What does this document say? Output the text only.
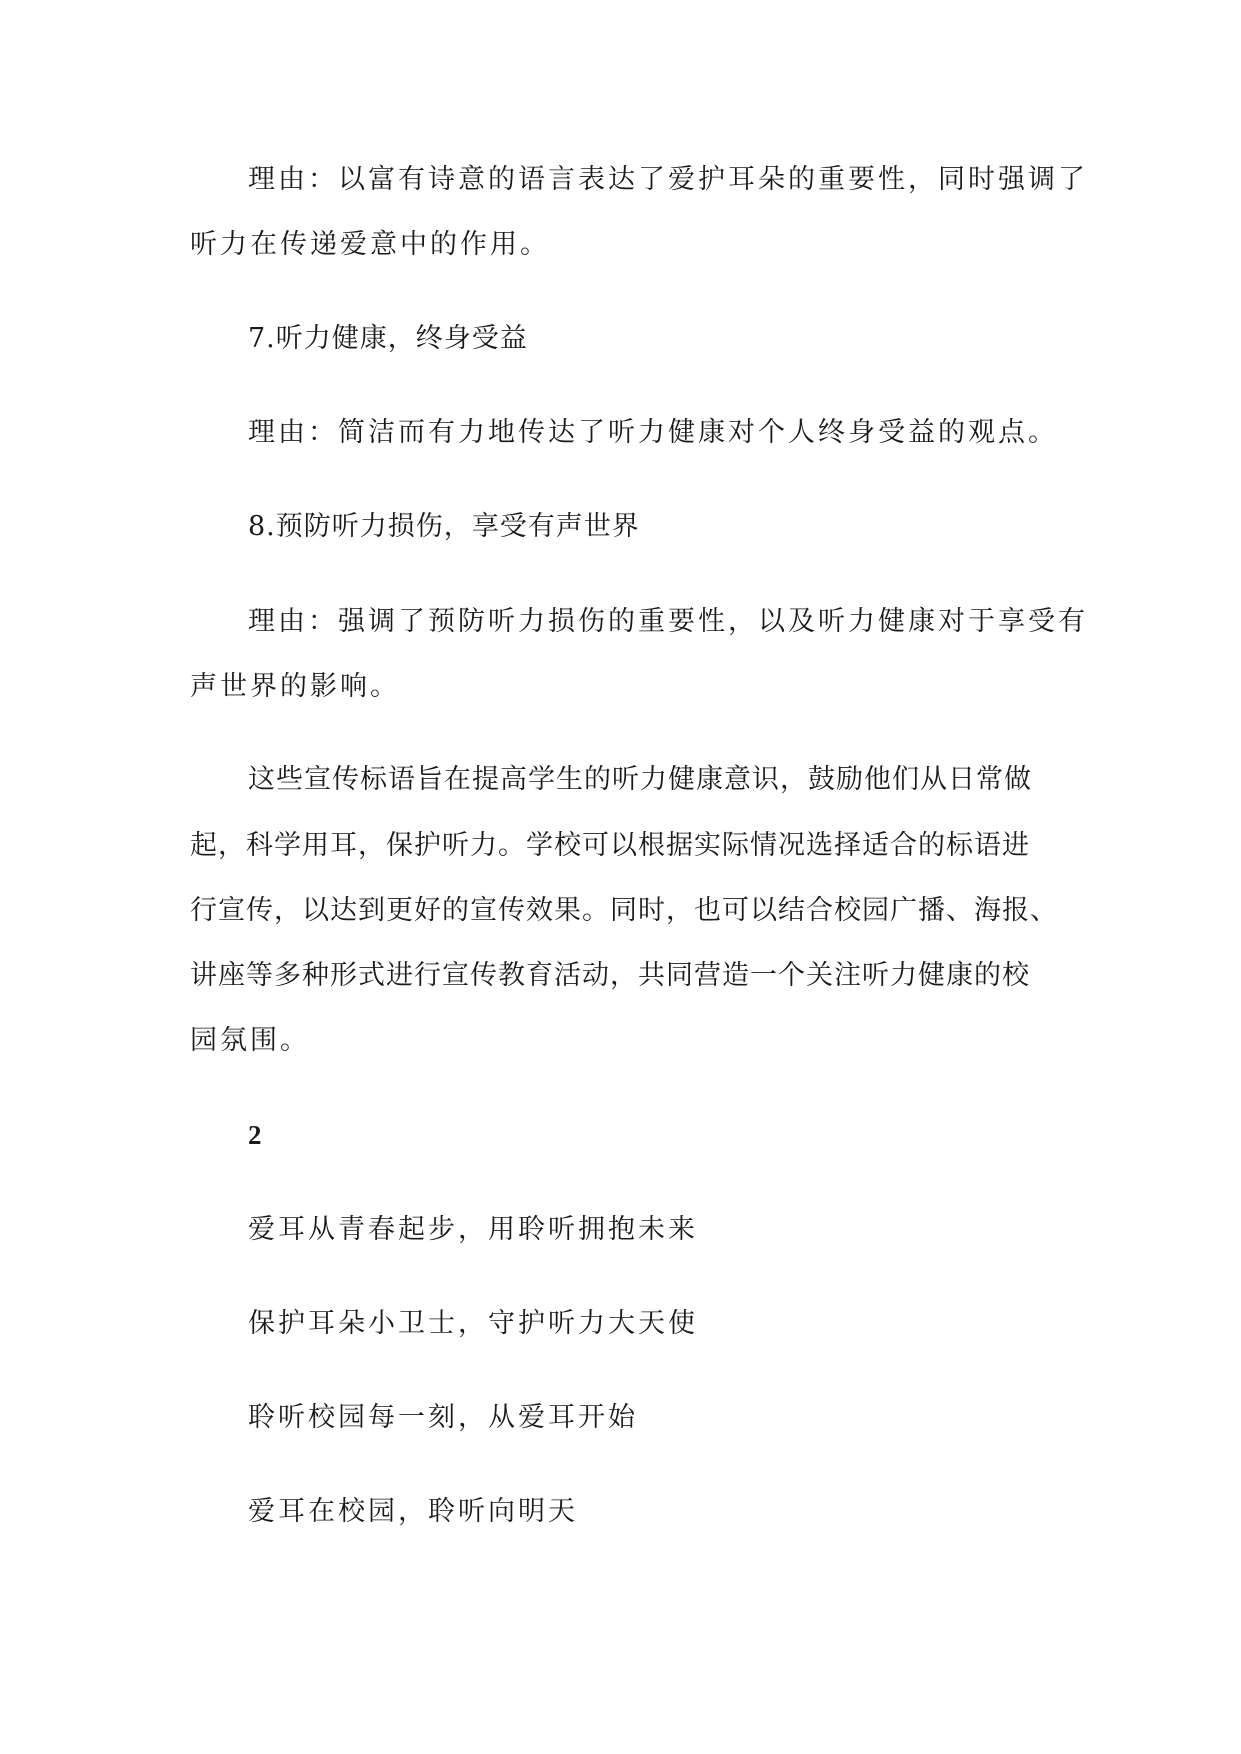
理由：以富有诗意的语言表达了爱护耳朵的重要性，同时强调了
听力在传递爱意中的作用。
7.听力健康，终身受益
理由：简洁而有力地传达了听力健康对个人终身受益的观点。
8.预防听力损伤，享受有声世界
理由：强调了预防听力损伤的重要性，以及听力健康对于享受有
声世界的影响。
这些宣传标语旨在提高学生的听力健康意识，鼓励他们从日常做
起，科学用耳，保护听力。学校可以根据实际情况选择适合的标语进
行宣传，以达到更好的宣传效果。同时，也可以结合校园广播、海报、
讲座等多种形式进行宣传教育活动，共同营造一个关注听力健康的校
园氛围。
2
爱耳从青春起步，用聆听拥抱未来
保护耳朵小卫士，守护听力大天使
聆听校园每一刻，从爱耳开始
爱耳在校园，聆听向明天
